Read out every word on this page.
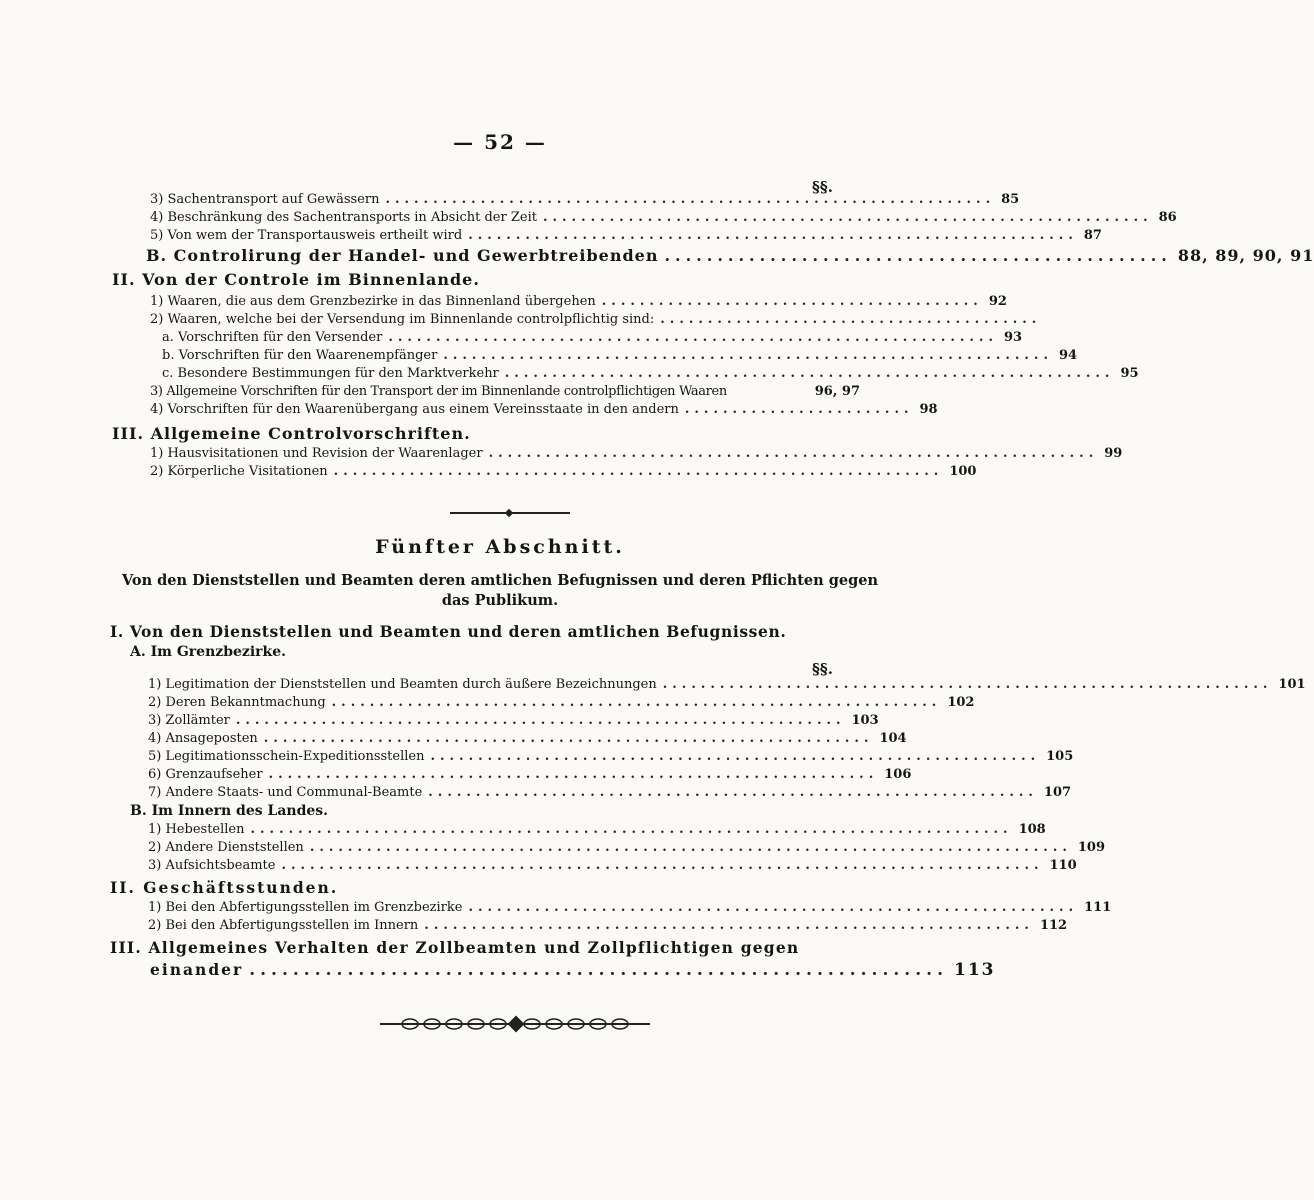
— 52 —
§§.
3) Sachentransport auf Gewässern ................................................................ 85
4) Beschränkung des Sachentransports in Absicht der Zeit ................................................................ 86
5) Von wem der Transportausweis ertheilt wird ................................................................ 87
B. Controlirung der Handel- und Gewerbtreibenden ................................................ 88, 89, 90, 91
II. Von der Controle im Binnenlande.
1) Waaren, die aus dem Grenzbezirke in das Binnenland übergehen ........................................ 92
2) Waaren, welche bei der Versendung im Binnenlande controlpflichtig sind: ........................................
a. Vorschriften für den Versender ................................................................ 93
b. Vorschriften für den Waarenempfänger ................................................................ 94
c. Besondere Bestimmungen für den Marktverkehr ................................................................ 95
3) Allgemeine Vorschriften für den Transport der im Binnenlande controlpflichtigen Waaren	96, 97
4) Vorschriften für den Waarenübergang aus einem Vereinsstaate in den andern ........................ 98
III. Allgemeine Controlvorschriften.
1) Hausvisitationen und Revision der Waarenlager ................................................................ 99
2) Körperliche Visitationen ................................................................ 100
Fünfter Abschnitt.
Von den Dienststellen und Beamten deren amtlichen Befugnissen und deren Pflichten gegen
das Publikum.
I. Von den Dienststellen und Beamten und deren amtlichen Befugnissen.
A. Im Grenzbezirke.
§§.
1) Legitimation der Dienststellen und Beamten durch äußere Bezeichnungen ................................................................ 101
2) Deren Bekanntmachung ................................................................ 102
3) Zollämter ................................................................ 103
4) Ansageposten ................................................................ 104
5) Legitimationsschein-Expeditionsstellen ................................................................ 105
6) Grenzaufseher ................................................................ 106
7) Andere Staats- und Communal-Beamte ................................................................ 107
B. Im Innern des Landes.
1) Hebestellen ................................................................................ 108
2) Andere Dienststellen ................................................................................ 109
3) Aufsichtsbeamte ................................................................................ 110
II. Geschäftsstunden.
1) Bei den Abfertigungsstellen im Grenzbezirke ................................................................ 111
2) Bei den Abfertigungsstellen im Innern ................................................................ 112
III. Allgemeines Verhalten der Zollbeamten und Zollpflichtigen gegen
einander ................................................................ 113
